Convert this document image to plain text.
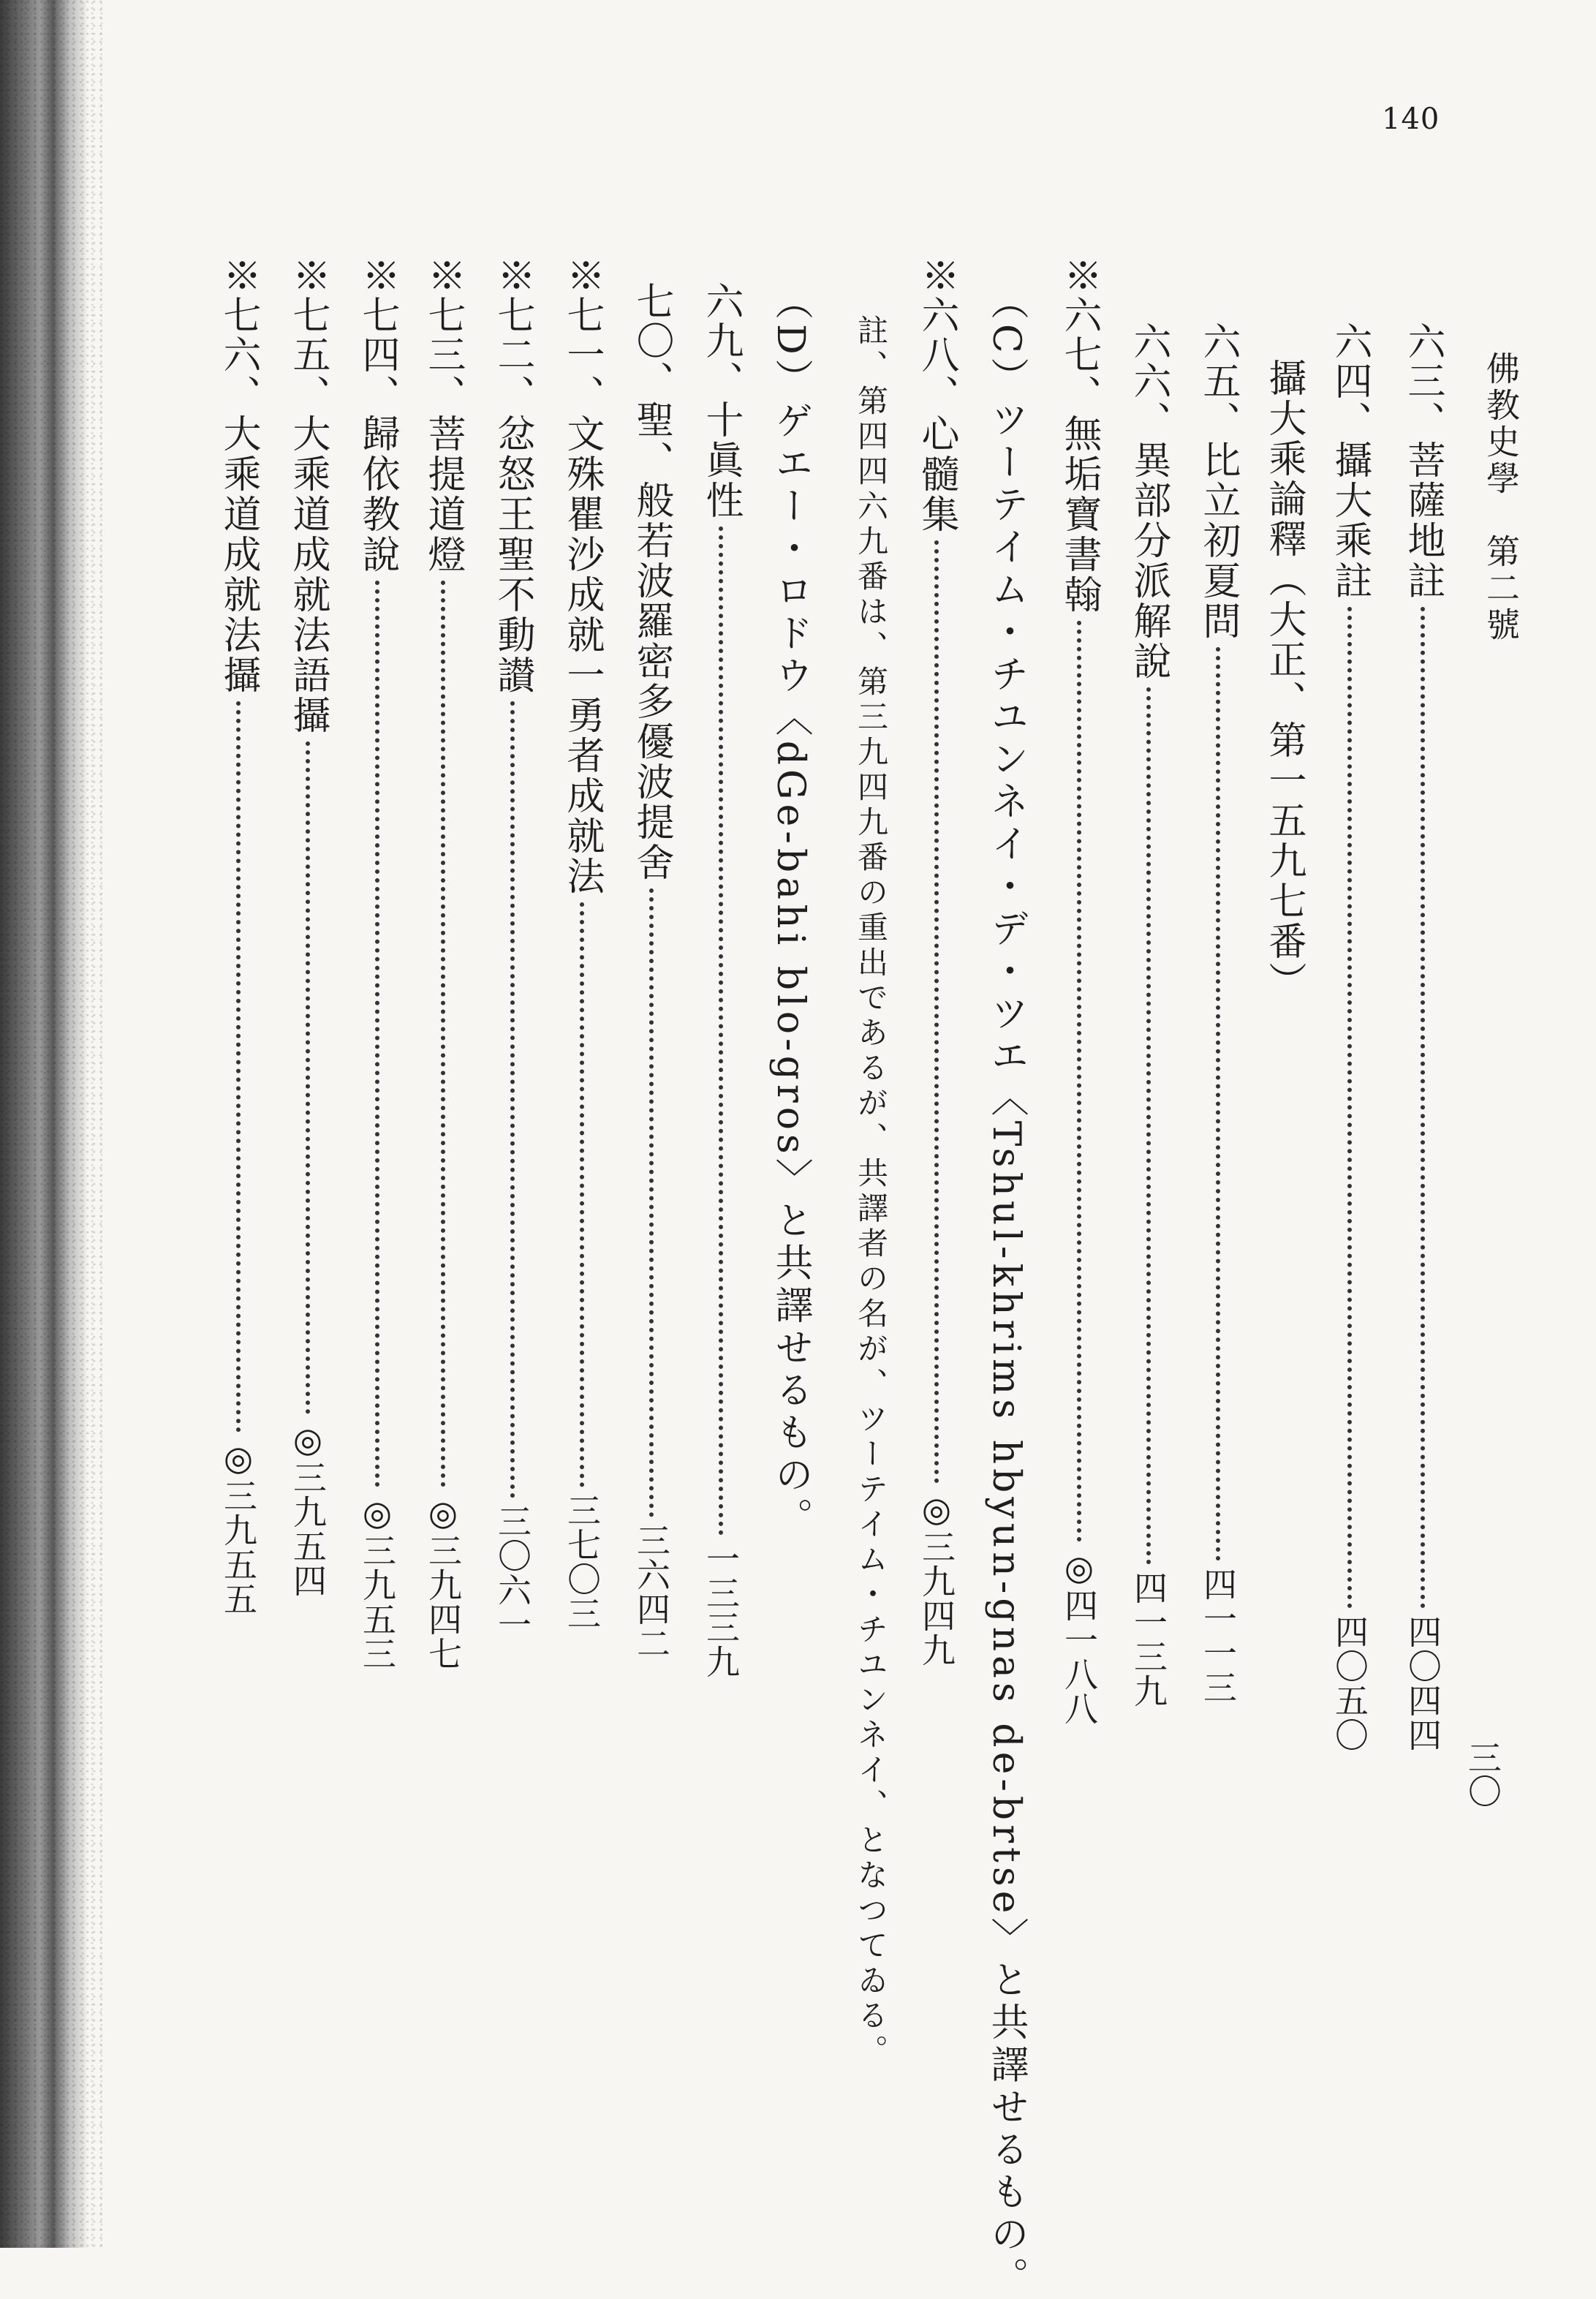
140
佛教史學　第二號
六三、菩薩地註四〇四四
六四、攝大乘註四〇五〇
攝大乘論釋（大正、第一五九七番）
六五、比立初夏問四一一三
六六、異部分派解說四一三九
※六七、無垢寶書翰◎四一八八
（C）ツーテイム・チユンネイ・デ・ツエ〈Tshul-khrims hbyun-gnas de-brtse〉と共譯せるもの。
※六八、心髓集◎三九四九
註、第四四六九番は、第三九四九番の重出であるが、共譯者の名が、ツーテイム・チユンネイ、となつてゐる。
（D）ゲエー・ロドウ〈dGe-bahi blo-gros〉と共譯せるもの。
六九、十眞性一三三九
七〇、聖、般若波羅密多優波提舍三六四二
※七一、文殊瞿沙成就一勇者成就法三七〇三
※七二、忿怒王聖不動讃三〇六一
※七三、菩提道燈◎三九四七
※七四、歸依教說◎三九五三
※七五、大乘道成就法語攝◎三九五四
※七六、大乘道成就法攝◎三九五五
三〇
